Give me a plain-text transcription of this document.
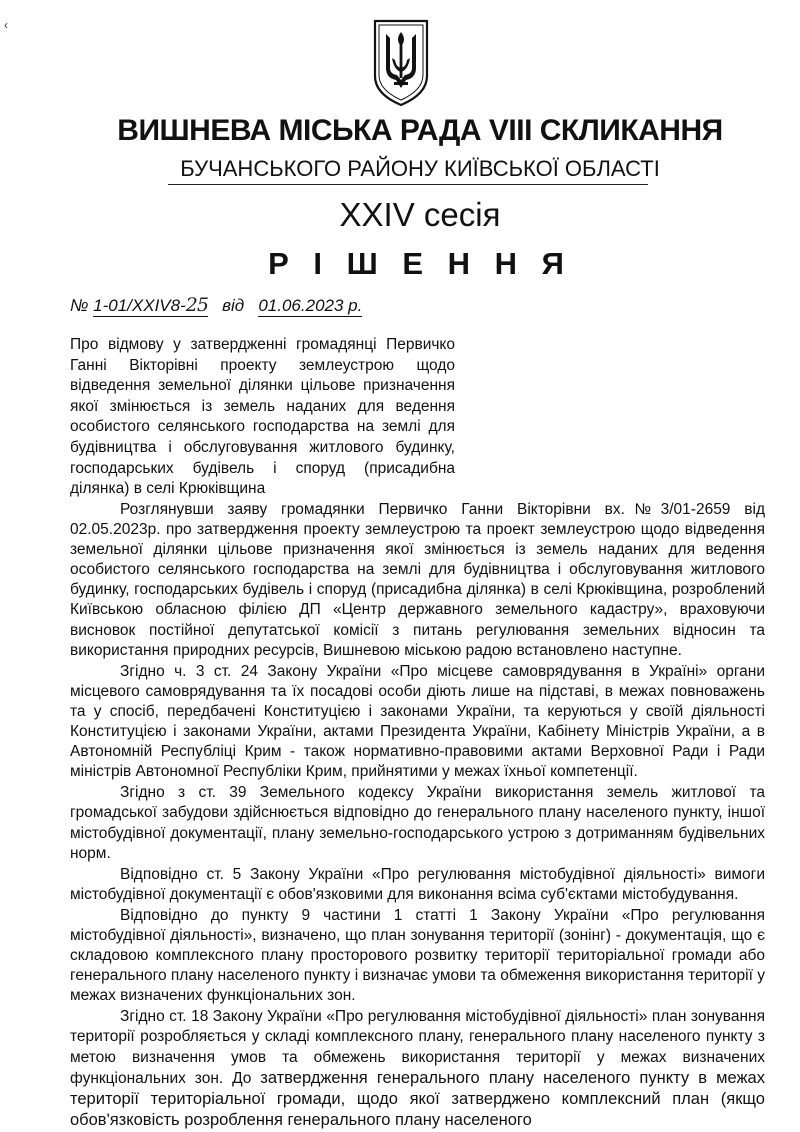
‹
ВИШНЕВА МІСЬКА РАДА VIII СКЛИКАННЯ
БУЧАНСЬКОГО РАЙОНУ КИЇВСЬКОЇ ОБЛАСТІ
XXIV сесія
Р І Ш Е Н Н Я
№ 1-01/XXIV8-25 від 01.06.2023 р.
Про відмову у затвердженні громадянці Первичко Ганні Вікторівні проекту землеустрою щодо відведення земельної ділянки цільове призначення якої змінюється із земель наданих для ведення особистого селянського господарства на землі для будівництва і обслуговування житлового будинку, господарських будівель і споруд (присадибна ділянка) в селі Крюківщина

Розглянувши заяву громадянки Первичко Ганни Вікторівни вх.№3/01-2659 від 02.05.2023р. про затвердження проекту землеустрою та проект землеустрою щодо відведення земельної ділянки цільове призначення якої змінюється із земель наданих для ведення особистого селянського господарства на землі для будівництва і обслуговування житлового будинку, господарських будівель і споруд (присадибна ділянка) в селі Крюківщина, розроблений Київською обласною філією ДП «Центр державного земельного кадастру», враховуючи висновок постійної депутатської комісії з питань регулювання земельних відносин та використання природних ресурсів, Вишневою міською радою встановлено наступне.

Згідно ч. 3 ст. 24 Закону України «Про місцеве самоврядування в Україні» органи місцевого самоврядування та їх посадові особи діють лише на підставі, в межах повноважень та у спосіб, передбачені Конституцією і законами України, та керуються у своїй діяльності Конституцією і законами України, актами Президента України, Кабінету Міністрів України, а в Автономній Республіці Крим - також нормативно-правовими актами Верховної Ради і Ради міністрів Автономної Республіки Крим, прийнятими у межах їхньої компетенції.

Згідно з ст. 39 Земельного кодексу України використання земель житлової та громадської забудови здійснюється відповідно до генерального плану населеного пункту, іншої містобудівної документації, плану земельно-господарського устрою з дотриманням будівельних норм.

Відповідно ст. 5 Закону України «Про регулювання містобудівної діяльності» вимоги містобудівної документації є обов'язковими для виконання всіма суб'єктами містобудування.

Відповідно до пункту 9 частини 1 статті 1 Закону України «Про регулювання містобудівної діяльності», визначено, що план зонування території (зонінг) - документація, що є складовою комплексного плану просторового розвитку території територіальної громади або генерального плану населеного пункту і визначає умови та обмеження використання території у межах визначених функціональних зон.

Згідно ст. 18 Закону України «Про регулювання містобудівної діяльності» план зонування території розробляється у складі комплексного плану, генерального плану населеного пункту з метою визначення умов та обмежень використання території у межах визначених функціональних зон. До затвердження генерального плану населеного пункту в межах території територіальної громади, щодо якої затверджено комплексний план (якщо обов'язковість розроблення генерального плану населеного
